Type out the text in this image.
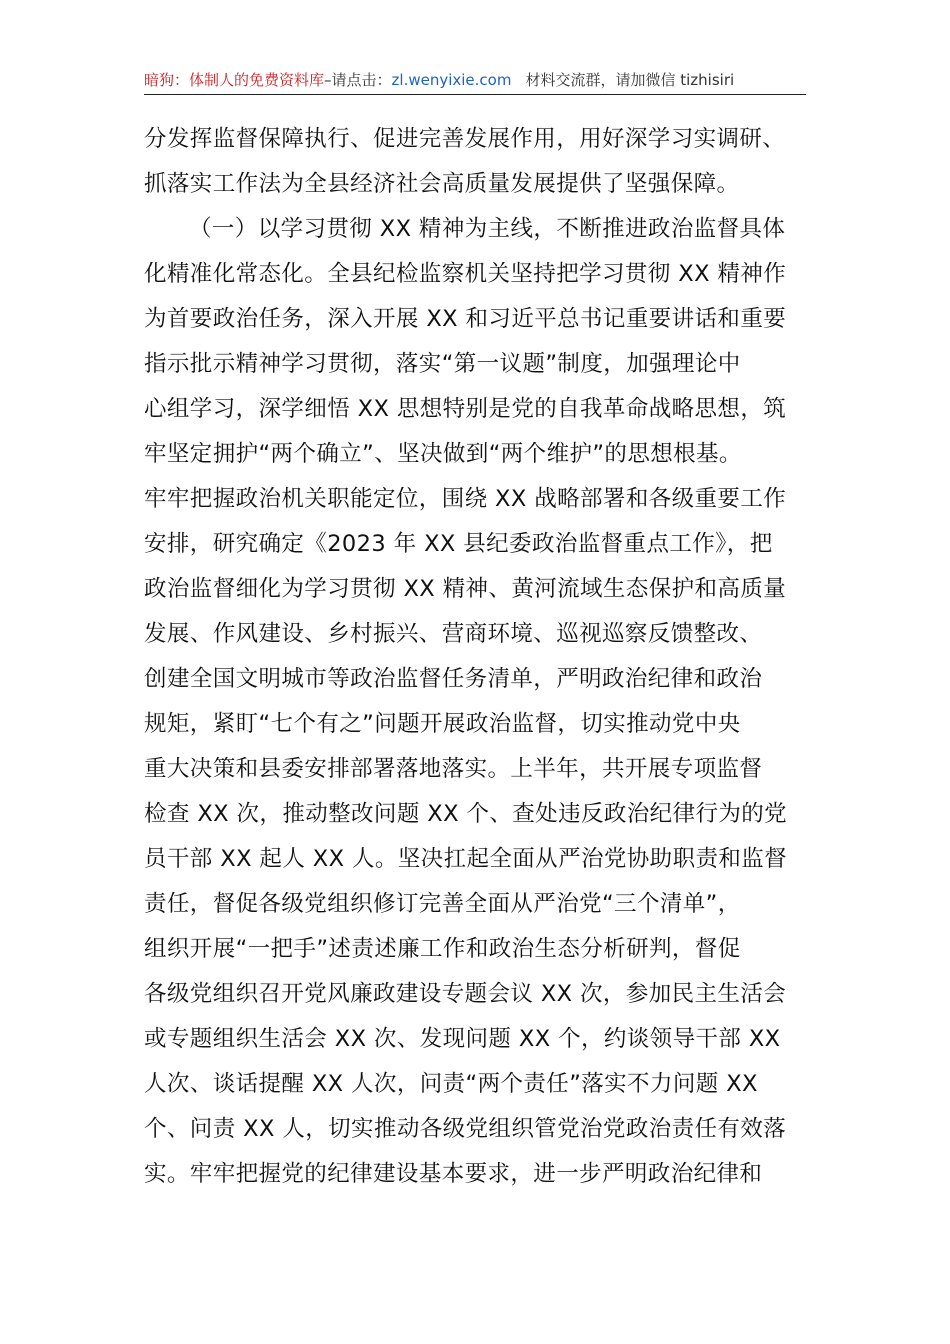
暗狗：体制人的免费资料库–请点击：zl.wenyixie.com 材料交流群，请加微信 tizhisiri
分发挥监督保障执行、促进完善发展作用，用好深学习实调研、
抓落实工作法为全县经济社会高质量发展提供了坚强保障。
（一）以学习贯彻 XX 精神为主线，不断推进政治监督具体
化精准化常态化。全县纪检监察机关坚持把学习贯彻 XX 精神作
为首要政治任务，深入开展 XX 和习近平总书记重要讲话和重要
指示批示精神学习贯彻，落实“第一议题”制度，加强理论中
心组学习，深学细悟 XX 思想特别是党的自我革命战略思想，筑
牢坚定拥护“两个确立”、坚决做到“两个维护”的思想根基。
牢牢把握政治机关职能定位，围绕 XX 战略部署和各级重要工作
安排，研究确定《2023 年 XX 县纪委政治监督重点工作》，把
政治监督细化为学习贯彻 XX 精神、黄河流域生态保护和高质量
发展、作风建设、乡村振兴、营商环境、巡视巡察反馈整改、
创建全国文明城市等政治监督任务清单，严明政治纪律和政治
规矩，紧盯“七个有之”问题开展政治监督，切实推动党中央
重大决策和县委安排部署落地落实。上半年，共开展专项监督
检查 XX 次，推动整改问题 XX 个、查处违反政治纪律行为的党
员干部 XX 起人 XX 人。坚决扛起全面从严治党协助职责和监督
责任，督促各级党组织修订完善全面从严治党“三个清单”，
组织开展“一把手”述责述廉工作和政治生态分析研判，督促
各级党组织召开党风廉政建设专题会议 XX 次，参加民主生活会
或专题组织生活会 XX 次、发现问题 XX 个，约谈领导干部 XX
人次、谈话提醒 XX 人次，问责“两个责任”落实不力问题 XX
个、问责 XX 人，切实推动各级党组织管党治党政治责任有效落
实。牢牢把握党的纪律建设基本要求，进一步严明政治纪律和
